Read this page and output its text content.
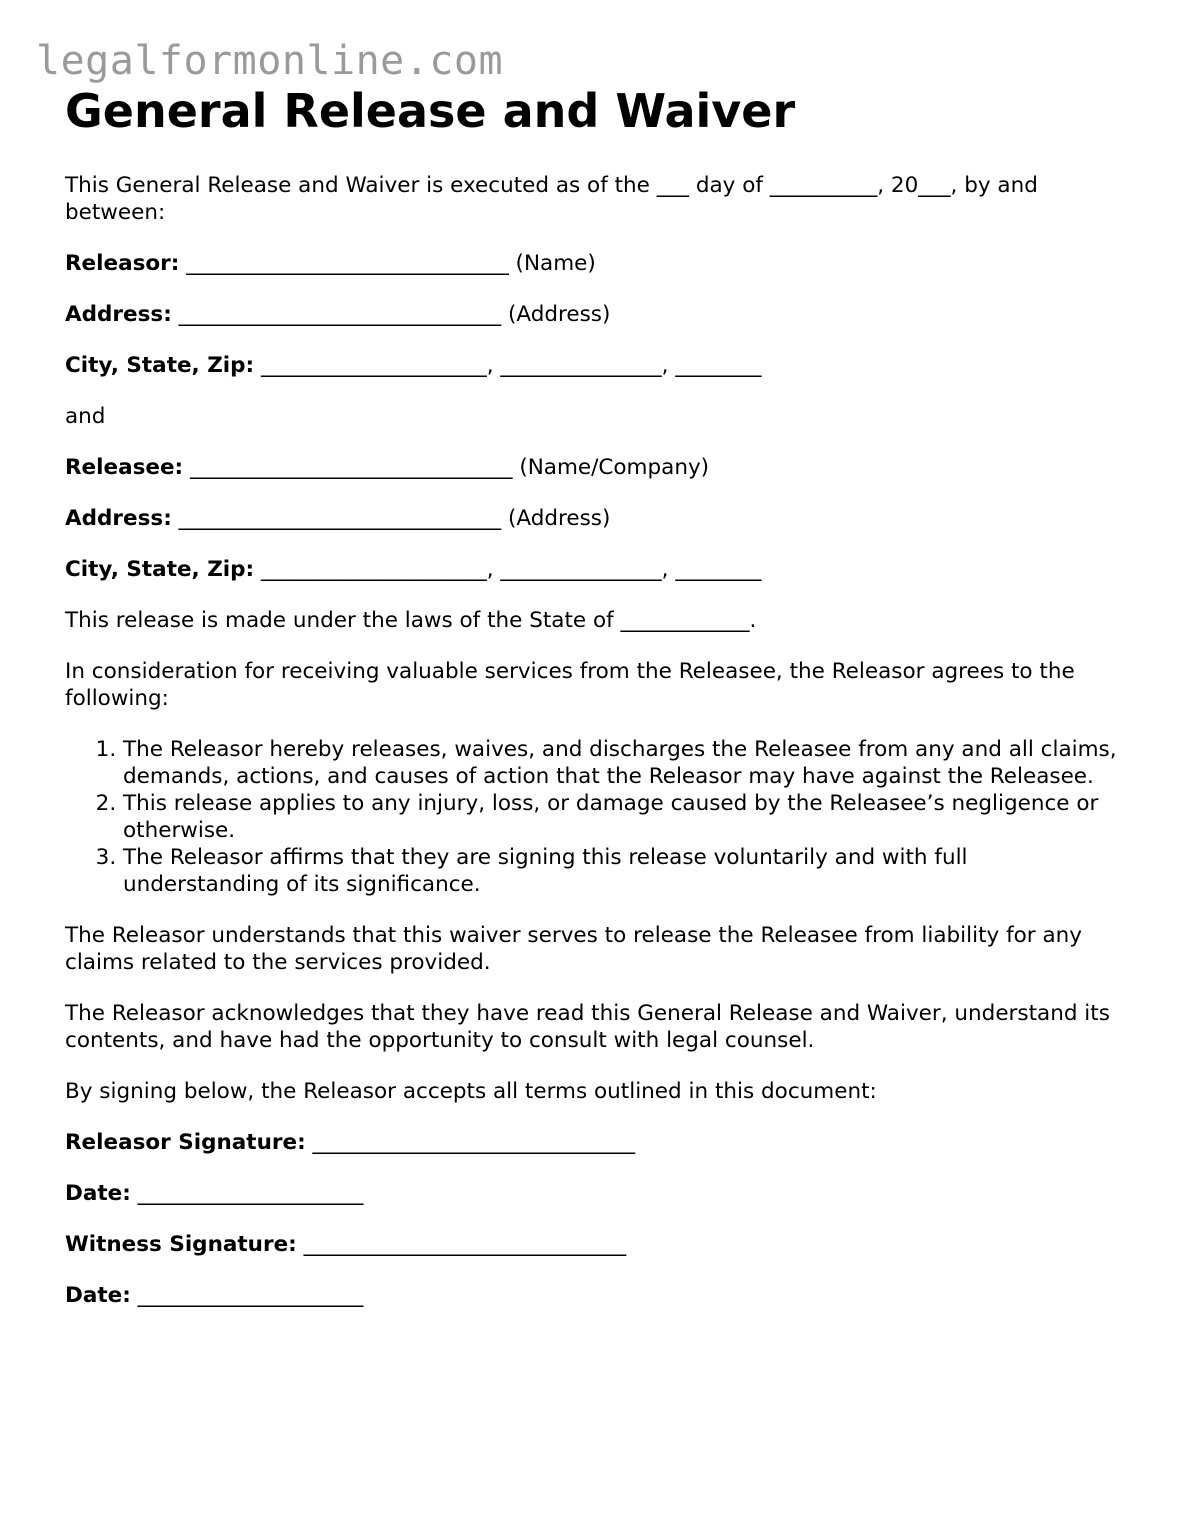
legalformonline.com
General Release and Waiver

This General Release and Waiver is executed as of the ___ day of __________, 20___, by and between:

Releasor: ______________________________ (Name)
Address: ______________________________ (Address)
City, State, Zip: _____________________, _______________, ________

and

Releasee: ______________________________ (Name/Company)
Address: ______________________________ (Address)
City, State, Zip: _____________________, _______________, ________

This release is made under the laws of the State of ____________.

In consideration for receiving valuable services from the Releasee, the Releasor agrees to the following:

1. The Releasor hereby releases, waives, and discharges the Releasee from any and all claims, demands, actions, and causes of action that the Releasor may have against the Releasee.
2. This release applies to any injury, loss, or damage caused by the Releasee’s negligence or otherwise.
3. The Releasor affirms that they are signing this release voluntarily and with full understanding of its significance.

The Releasor understands that this waiver serves to release the Releasee from liability for any claims related to the services provided.

The Releasor acknowledges that they have read this General Release and Waiver, understand its contents, and have had the opportunity to consult with legal counsel.

By signing below, the Releasor accepts all terms outlined in this document:

Releasor Signature: ______________________________
Date: _____________________
Witness Signature: ______________________________
Date: _____________________
